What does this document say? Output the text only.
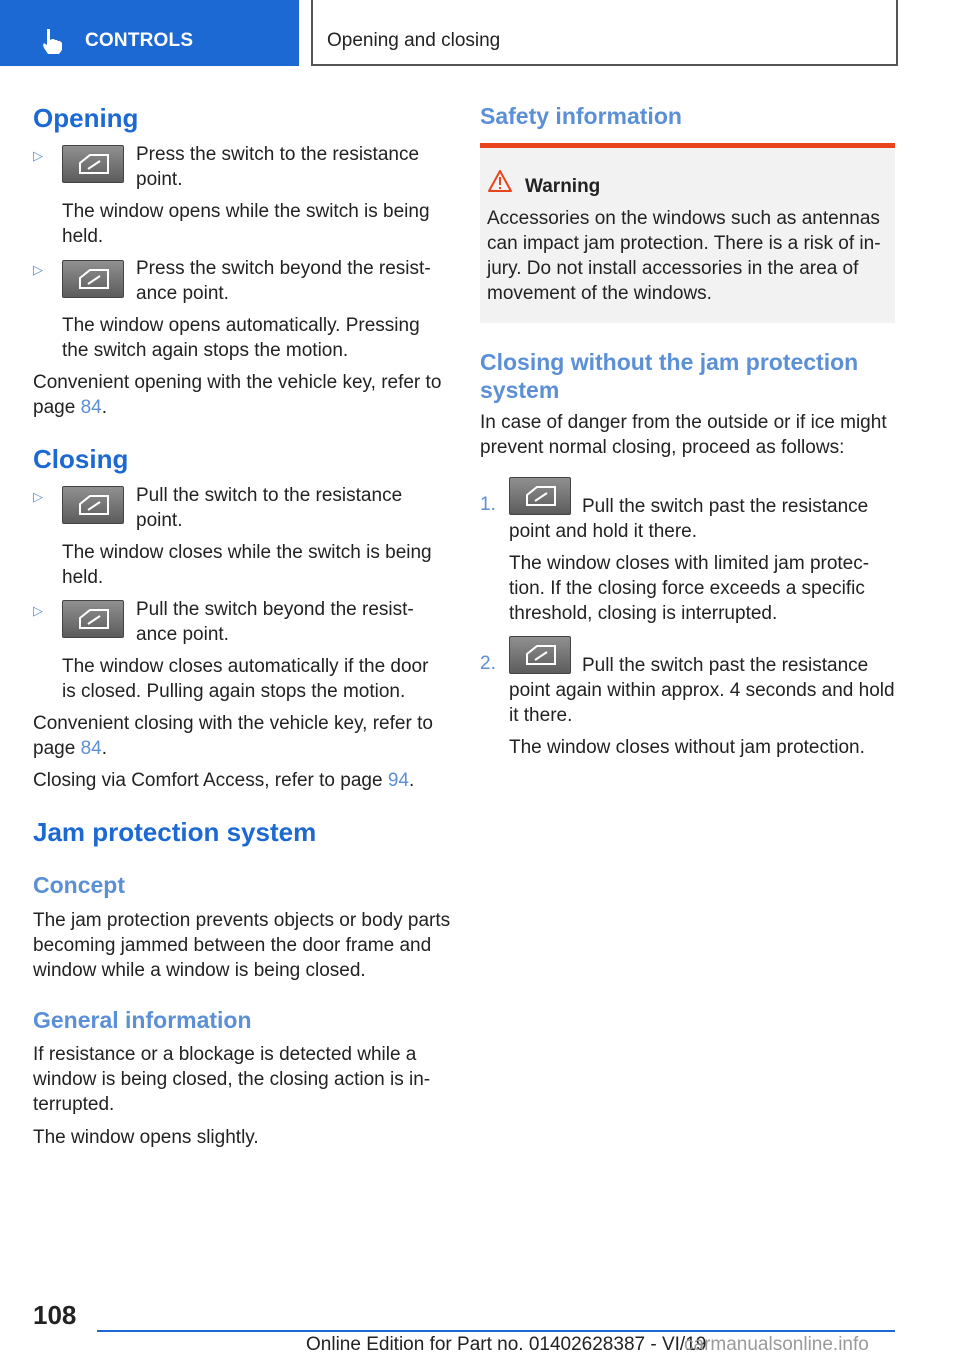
CONTROLS	Opening and closing
Opening
▷	Press the switch to the resistance point.

The window opens while the switch is being held.

▷	Press the switch beyond the resistance point.

The window opens automatically. Pressing the switch again stops the motion.

Convenient opening with the vehicle key, refer to page 84.

Closing
▷	Pull the switch to the resistance point.

The window closes while the switch is being held.

▷	Pull the switch beyond the resistance point.

The window closes automatically if the door is closed. Pulling again stops the motion.

Convenient closing with the vehicle key, refer to page 84.

Closing via Comfort Access, refer to page 94.

Jam protection system
Concept

The jam protection prevents objects or body parts becoming jammed between the door frame and window while a window is being closed.

General information

If resistance or a blockage is detected while a window is being closed, the closing action is interrupted.

The window opens slightly.

Safety information
Warning

Accessories on the windows such as antennas can impact jam protection. There is a risk of injury. Do not install accessories in the area of movement of the windows.

Closing without the jam protection system

In case of danger from the outside or if ice might prevent normal closing, proceed as follows:

1.	Pull the switch past the resistance point and hold it there.

The window closes with limited jam protection. If the closing force exceeds a specific threshold, closing is interrupted.

2.	Pull the switch past the resistance point again within approx. 4 seconds and hold it there.

The window closes without jam protection.

108
Online Edition for Part no. 01402628387 - VI/19
carmanualsonline.info
